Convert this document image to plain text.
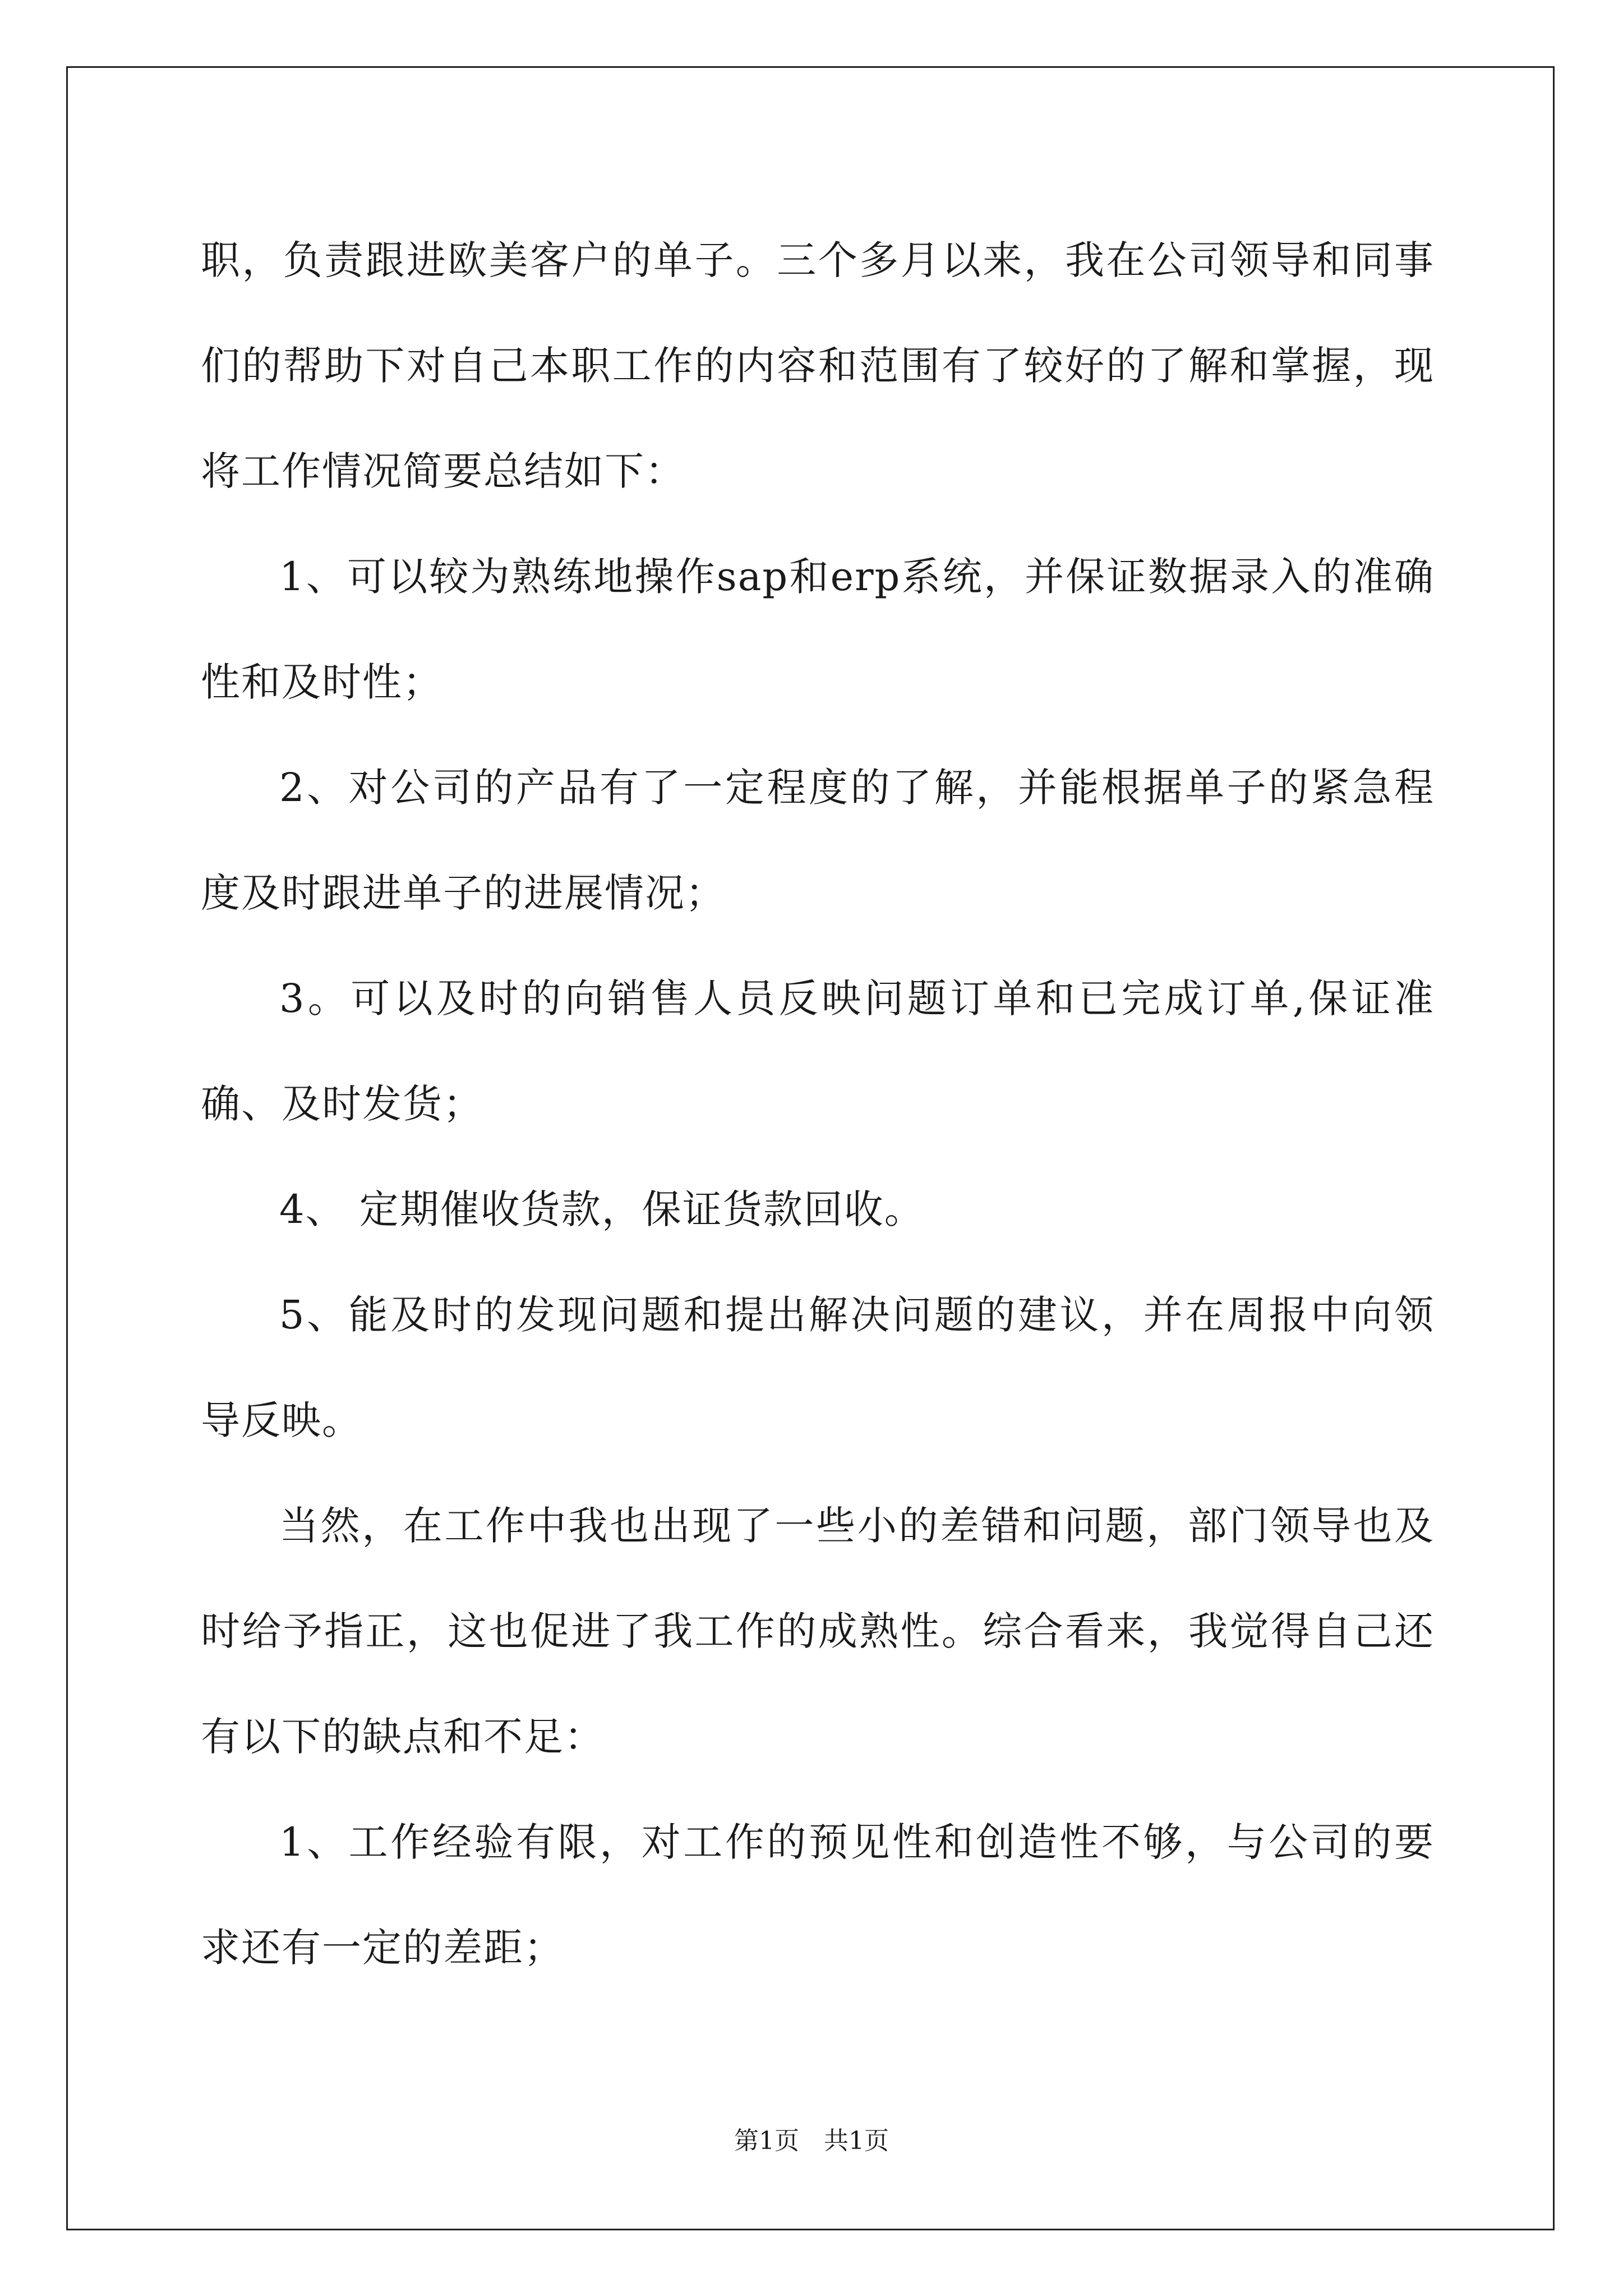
职，负责跟进欧美客户的单子。三个多月以来，我在公司领导和同事们的帮助下对自己本职工作的内容和范围有了较好的了解和掌握，现将工作情况简要总结如下：

1、可以较为熟练地操作sap和erp系统，并保证数据录入的准确性和及时性；

2、对公司的产品有了一定程度的了解，并能根据单子的紧急程度及时跟进单子的进展情况；

3。可以及时的向销售人员反映问题订单和已完成订单,保证准确、及时发货；

4、 定期催收货款，保证货款回收。

5、能及时的发现问题和提出解决问题的建议，并在周报中向领导反映。

当然，在工作中我也出现了一些小的差错和问题，部门领导也及时给予指正，这也促进了我工作的成熟性。综合看来，我觉得自己还有以下的缺点和不足：

1、工作经验有限，对工作的预见性和创造性不够，与公司的要求还有一定的差距；

第1页　共1页
